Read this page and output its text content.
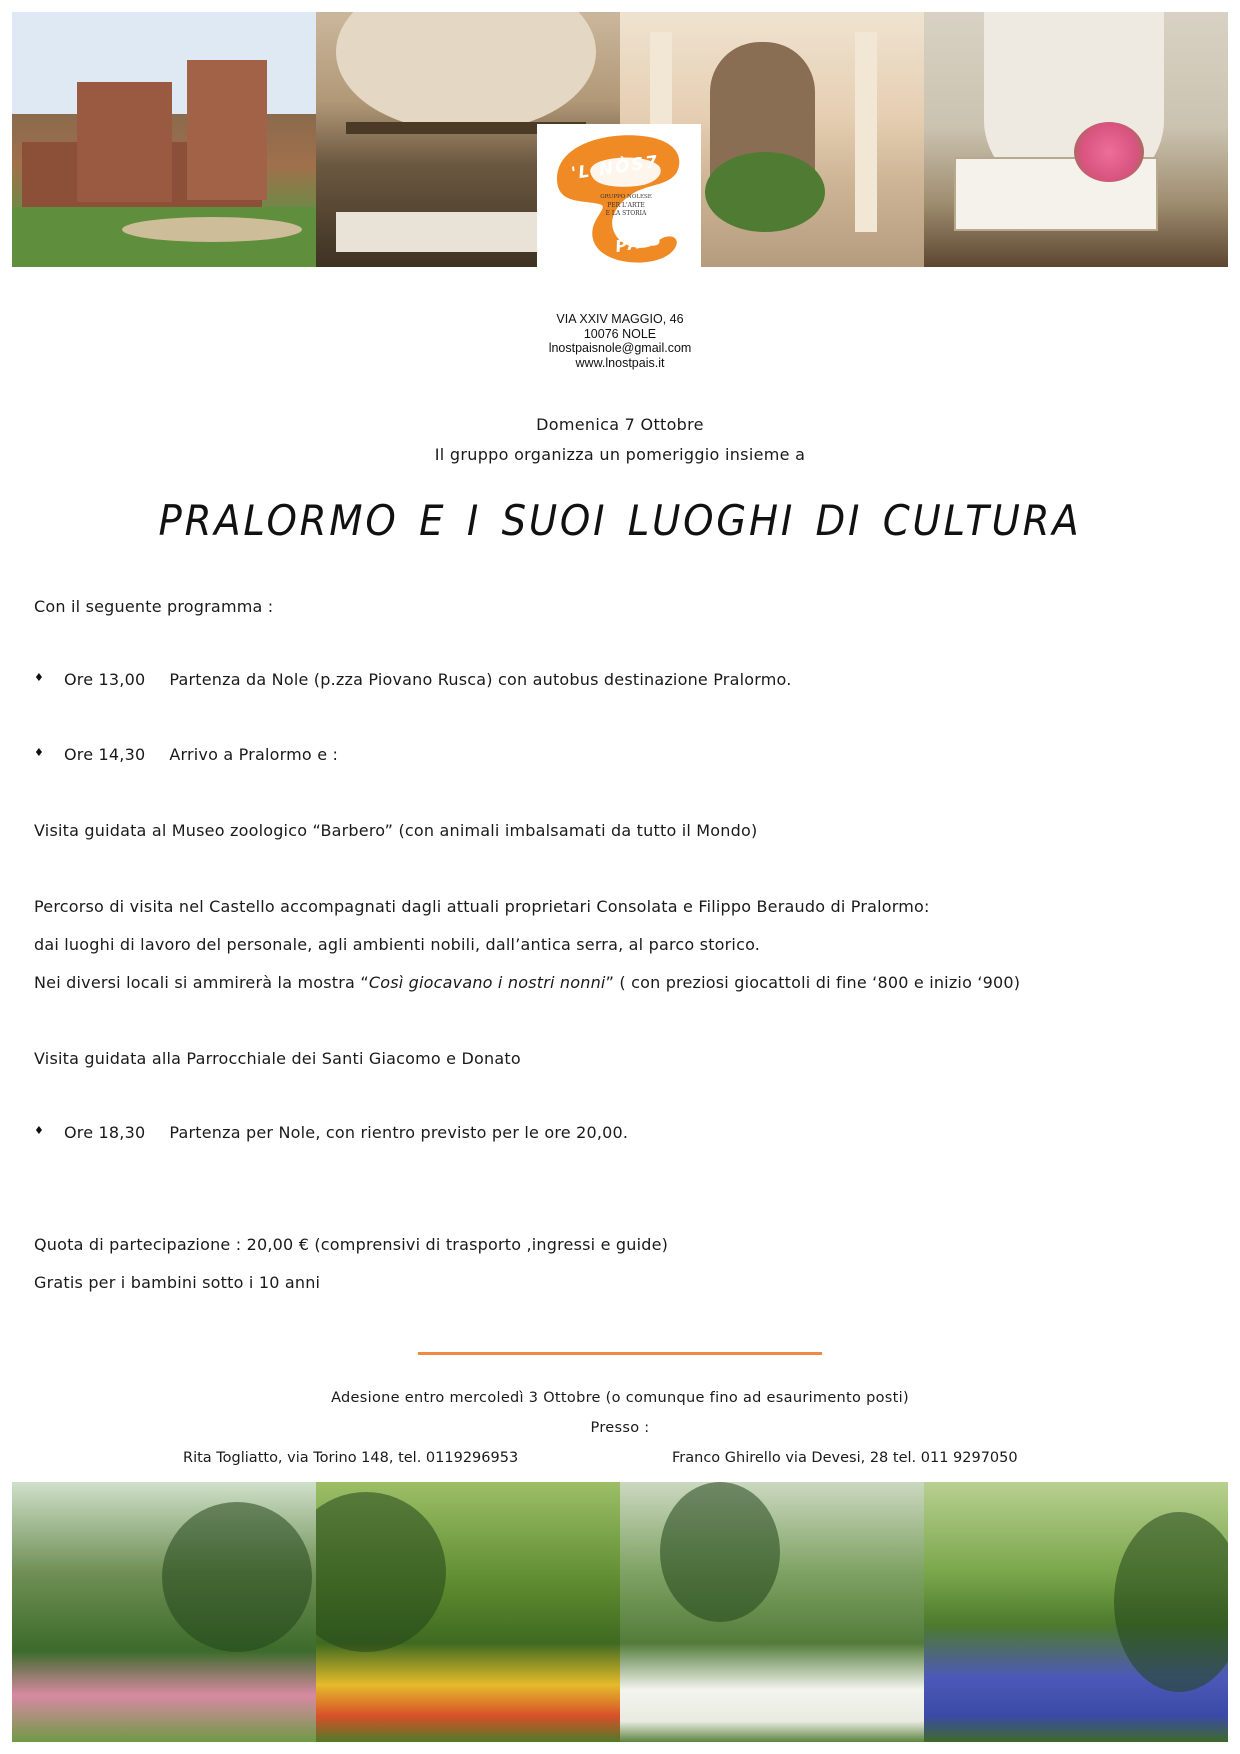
'L NÒS7
GRUPPO NOLESE
PER L'ARTE
E LA STORIA
PAIS
VIA XXIV MAGGIO, 46
10076 NOLE
lnostpaisnole@gmail.com
www.lnostpais.it
Domenica 7 Ottobre
Il gruppo organizza un pomeriggio insieme a
PRALORMO E I SUOI LUOGHI DI CULTURA
Con il seguente programma :
♦ Ore 13,00 Partenza da Nole (p.zza Piovano Rusca) con autobus destinazione Pralormo.
♦ Ore 14,30 Arrivo a Pralormo e :
Visita guidata al Museo zoologico “Barbero” (con animali imbalsamati da tutto il Mondo)
Percorso di visita nel Castello accompagnati dagli attuali proprietari Consolata e Filippo Beraudo di Pralormo:
dai luoghi di lavoro del personale, agli ambienti nobili, dall’antica serra, al parco storico.
Nei diversi locali si ammirerà la mostra “Così giocavano i nostri nonni” ( con preziosi giocattoli di fine ‘800 e inizio ‘900)
Visita guidata alla Parrocchiale dei Santi Giacomo e Donato
♦ Ore 18,30 Partenza per Nole, con rientro previsto per le ore 20,00.
Quota di partecipazione : 20,00 € (comprensivi di trasporto ,ingressi e guide)
Gratis per i bambini sotto i 10 anni
Adesione entro mercoledì 3 Ottobre (o comunque fino ad esaurimento posti)
Presso :
Rita Togliatto, via Torino 148, tel. 0119296953	Franco Ghirello via Devesi, 28 tel. 011 9297050
